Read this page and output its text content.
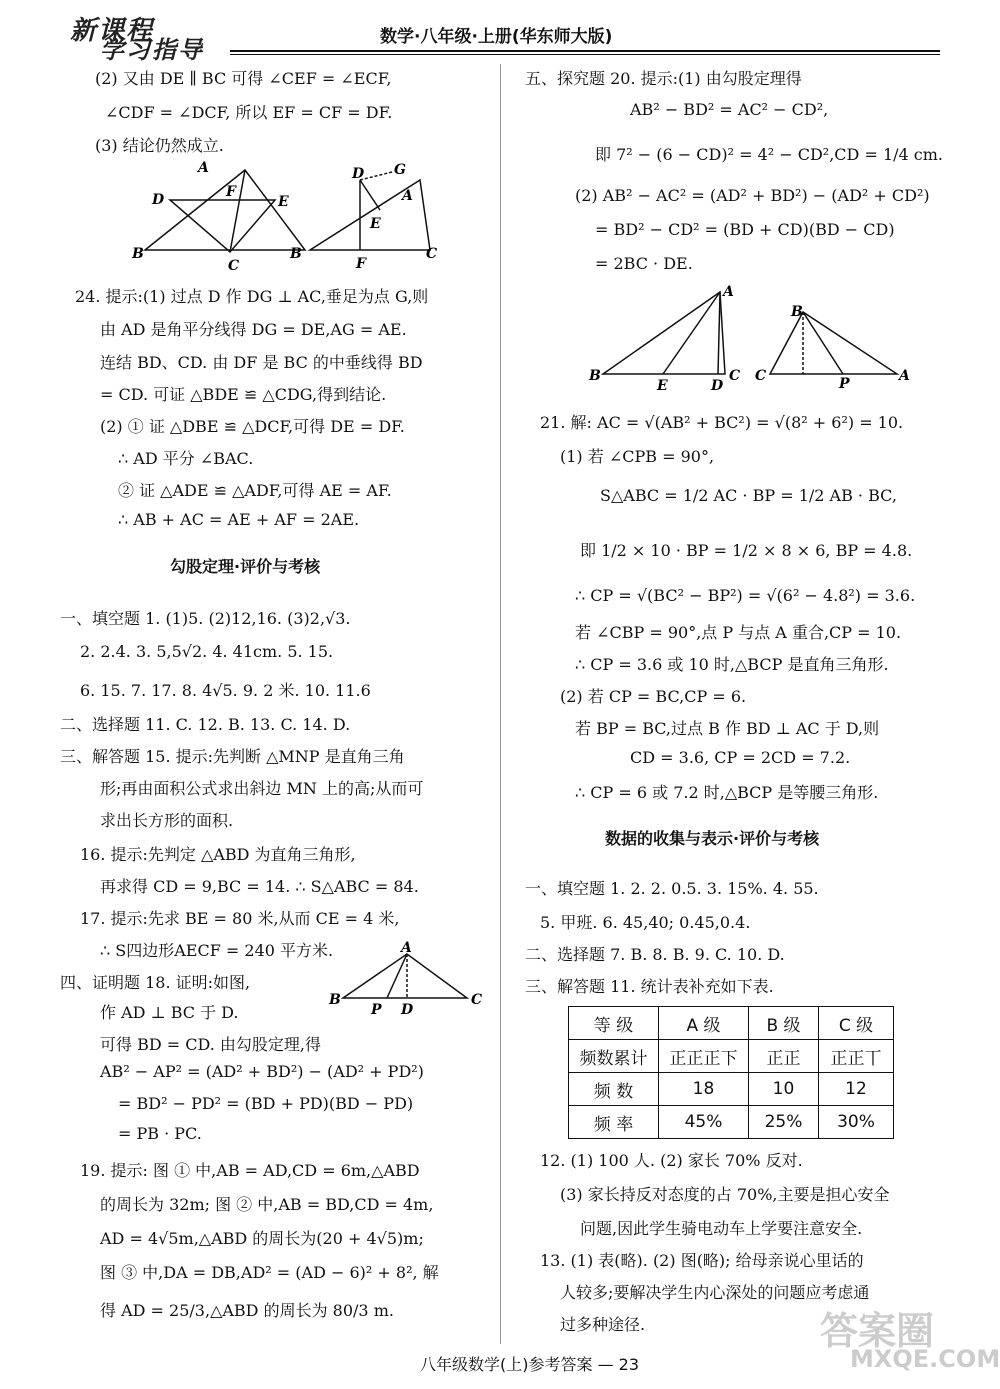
新课程
学习指导	数学·八年级·上册(华东师大版)
(2) 又由 DE ∥ BC 可得 ∠CEF = ∠ECF,
∠CDF = ∠DCF, 所以 EF = CF = DF.
(3) 结论仍然成立.
A
D	F
E
B
C
D G
A
E
B
F
C
24. 提示:(1) 过点 D 作 DG ⊥ AC,垂足为点 G,则
由 AD 是角平分线得 DG = DE,AG = AE.
连结 BD、CD. 由 DF 是 BC 的中垂线得 BD
= CD. 可证 △BDE ≌ △CDG,得到结论.
(2) ① 证 △DBE ≌ △DCF,可得 DE = DF.
∴ AD 平分 ∠BAC.
② 证 △ADE ≌ △ADF,可得 AE = AF.
∴ AB + AC = AE + AF = 2AE.
勾股定理·评价与考核
一、填空题 1. (1)5. (2)12,16. (3)2,√3.
2. 2.4. 3. 5,5√2. 4. 41cm. 5. 15.
6. 15. 7. 17. 8. 4√5. 9. 2 米. 10. 11.6
二、选择题 11. C. 12. B. 13. C. 14. D.
三、解答题 15. 提示:先判断 △MNP 是直角三角
形;再由面积公式求出斜边 MN 上的高;从而可
求出长方形的面积.
16. 提示:先判定 △ABD 为直角三角形,
再求得 CD = 9,BC = 14. ∴ S△ABC = 84.
17. 提示:先求 BE = 80 米,从而 CE = 4 米,
∴ S四边形AECF = 240 平方米.
四、证明题 18. 证明:如图,
A
B
P D
C
作 AD ⊥ BC 于 D.
可得 BD = CD. 由勾股定理,得
AB² − AP² = (AD² + BD²) − (AD² + PD²)
= BD² − PD² = (BD + PD)(BD − PD)
= PB · PC.
19. 提示: 图 ① 中,AB = AD,CD = 6m,△ABD
的周长为 32m; 图 ② 中,AB = BD,CD = 4m,
AD = 4√5m,△ABD 的周长为(20 + 4√5)m;
图 ③ 中,DA = DB,AD² = (AD − 6)² + 8², 解
得 AD = 25/3,△ABD 的周长为 80/3 m.
五、探究题 20. 提示:(1) 由勾股定理得
AB² − BD² = AC² − CD²,
即 7² − (6 − CD)² = 4² − CD²,CD = 1/4 cm.
(2) AB² − AC² = (AD² + BD²) − (AD² + CD²)
= BD² − CD² = (BD + CD)(BD − CD)
= 2BC · DE.
A
B
E	D
C
B
C	P	A
21. 解: AC = √(AB² + BC²) = √(8² + 6²) = 10.
(1) 若 ∠CPB = 90°,
S△ABC = 1/2 AC · BP = 1/2 AB · BC,
即 1/2 × 10 · BP = 1/2 × 8 × 6, BP = 4.8.
∴ CP = √(BC² − BP²) = √(6² − 4.8²) = 3.6.
若 ∠CBP = 90°,点 P 与点 A 重合,CP = 10.
∴ CP = 3.6 或 10 时,△BCP 是直角三角形.
(2) 若 CP = BC,CP = 6.
若 BP = BC,过点 B 作 BD ⊥ AC 于 D,则
CD = 3.6, CP = 2CD = 7.2.
∴ CP = 6 或 7.2 时,△BCP 是等腰三角形.
数据的收集与表示·评价与考核
一、填空题 1. 2. 2. 0.5. 3. 15%. 4. 55.
5. 甲班. 6. 45,40; 0.45,0.4.
二、选择题 7. B. 8. B. 9. C. 10. D.
三、解答题 11. 统计表补充如下表.
等 级	A 级	B 级	C 级
频数累计	正正正下	正正	正正丅
频 数	18	10	12
频 率	45%	25%	30%
12. (1) 100 人. (2) 家长 70% 反对.
(3) 家长持反对态度的占 70%,主要是担心安全
问题,因此学生骑电动车上学要注意安全.
13. (1) 表(略). (2) 图(略); 给母亲说心里话的
人较多;要解决学生内心深处的问题应考虑通
过多种途径.
八年级数学(上)参考答案 — 23
答案圈
MXQE.COM
